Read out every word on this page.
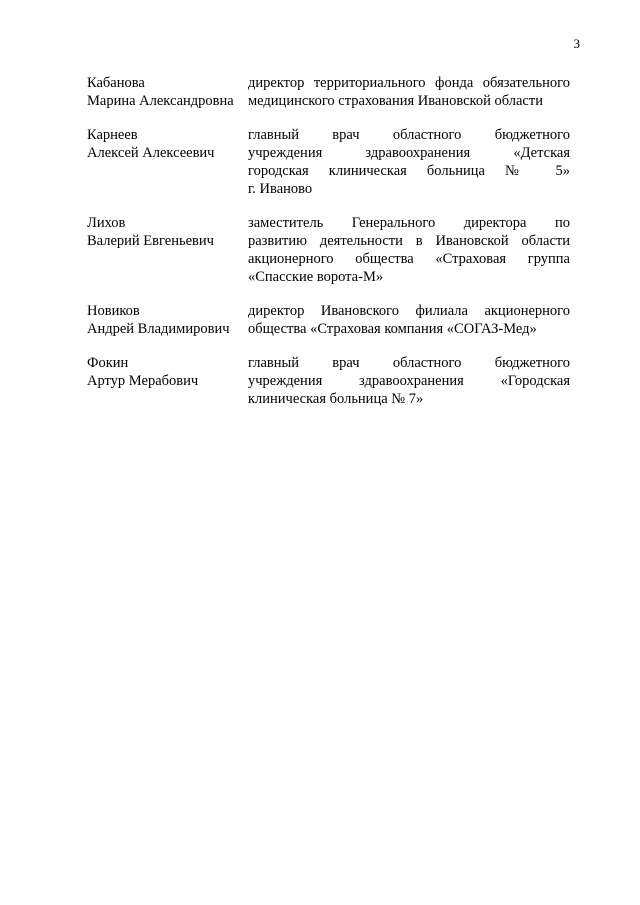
3
Кабанова
Марина Александровна
директор территориального фонда обязательного
медицинского страхования Ивановской области
Карнеев
Алексей Алексеевич
главный врач областного бюджетного
учреждения здравоохранения «Детская
городская клиническая больница № 5»
г. Иваново
Лихов
Валерий Евгеньевич
заместитель Генерального директора по
развитию деятельности в Ивановской области
акционерного общества «Страховая группа
«Спасские ворота-М»
Новиков
Андрей Владимирович
директор Ивановского филиала акционерного
общества «Страховая компания «СОГАЗ-Мед»
Фокин
Артур Мерабович
главный врач областного бюджетного
учреждения здравоохранения «Городская
клиническая больница № 7»
